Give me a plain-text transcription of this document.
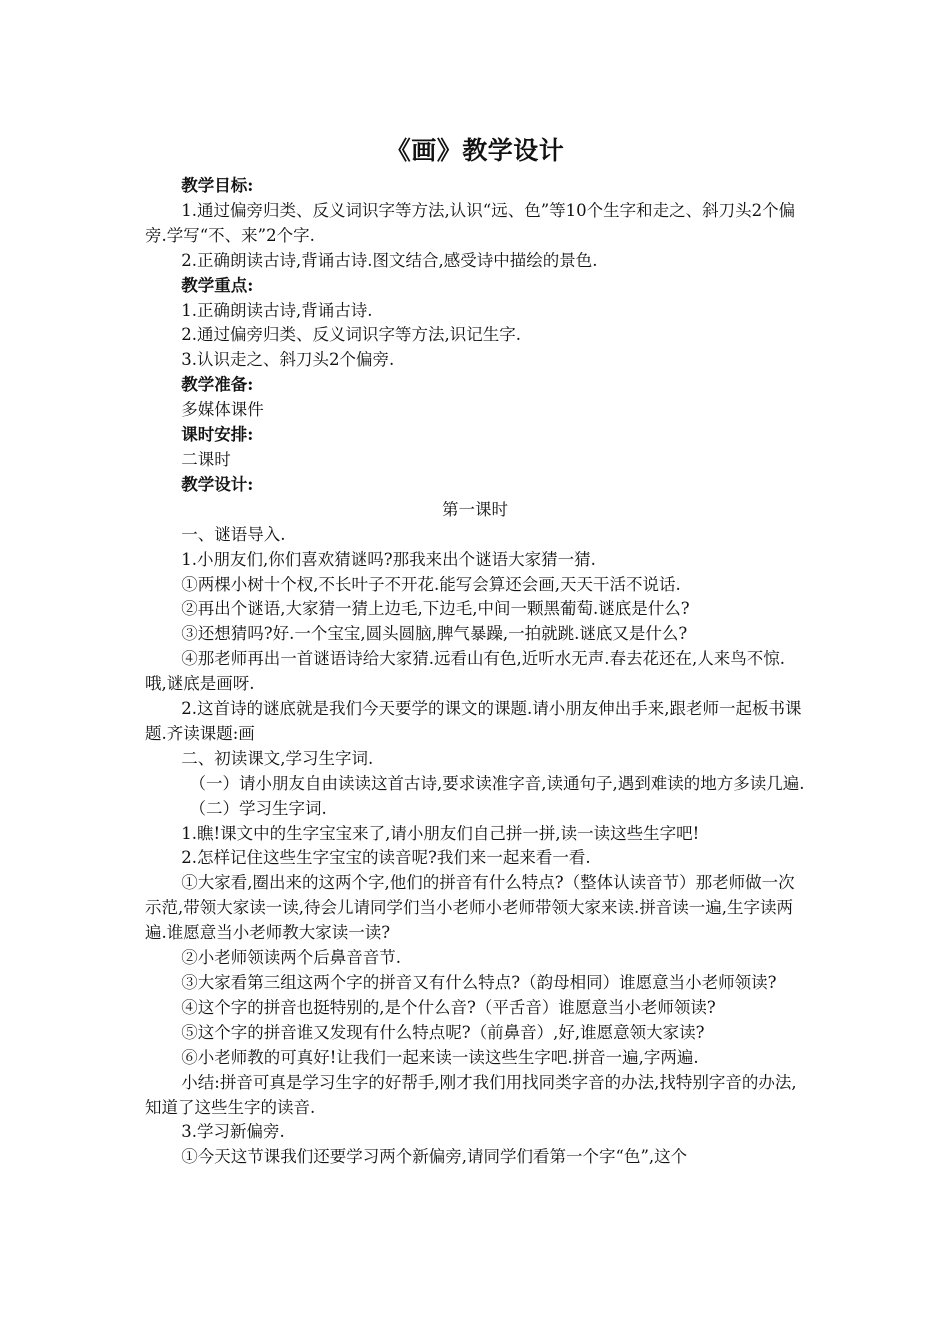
《画》教学设计

教学目标:

1.通过偏旁归类、反义词识字等方法,认识“远、色”等10个生字和走之、斜刀头2个偏旁.学写“不、来”2个字.

2.正确朗读古诗,背诵古诗.图文结合,感受诗中描绘的景色.

教学重点:

1.正确朗读古诗,背诵古诗.

2.通过偏旁归类、反义词识字等方法,识记生字.

3.认识走之、斜刀头2个偏旁.

教学准备:

多媒体课件

课时安排:

二课时

教学设计:

第一课时

一、谜语导入.

1.小朋友们,你们喜欢猜谜吗?那我来出个谜语大家猜一猜.

①两棵小树十个杈,不长叶子不开花.能写会算还会画,天天干活不说话.

②再出个谜语,大家猜一猜上边毛,下边毛,中间一颗黑葡萄.谜底是什么?

③还想猜吗?好.一个宝宝,圆头圆脑,脾气暴躁,一拍就跳.谜底又是什么?

④那老师再出一首谜语诗给大家猜.远看山有色,近听水无声.春去花还在,人来鸟不惊.哦,谜底是画呀.

2.这首诗的谜底就是我们今天要学的课文的课题.请小朋友伸出手来,跟老师一起板书课题.齐读课题:画

二、初读课文,学习生字词.

（一）请小朋友自由读读这首古诗,要求读准字音,读通句子,遇到难读的地方多读几遍.

（二）学习生字词.

1.瞧!课文中的生字宝宝来了,请小朋友们自己拼一拼,读一读这些生字吧!

2.怎样记住这些生字宝宝的读音呢?我们来一起来看一看.

①大家看,圈出来的这两个字,他们的拼音有什么特点?（整体认读音节）那老师做一次示范,带领大家读一读,待会儿请同学们当小老师小老师带领大家来读.拼音读一遍,生字读两遍.谁愿意当小老师教大家读一读?

②小老师领读两个后鼻音音节.

③大家看第三组这两个字的拼音又有什么特点?（韵母相同）谁愿意当小老师领读?

④这个字的拼音也挺特别的,是个什么音?（平舌音）谁愿意当小老师领读?

⑤这个字的拼音谁又发现有什么特点呢?（前鼻音）,好,谁愿意领大家读?

⑥小老师教的可真好!让我们一起来读一读这些生字吧.拼音一遍,字两遍.

小结:拼音可真是学习生字的好帮手,刚才我们用找同类字音的办法,找特别字音的办法,知道了这些生字的读音.

3.学习新偏旁.

①今天这节课我们还要学习两个新偏旁,请同学们看第一个字“色”,这个
